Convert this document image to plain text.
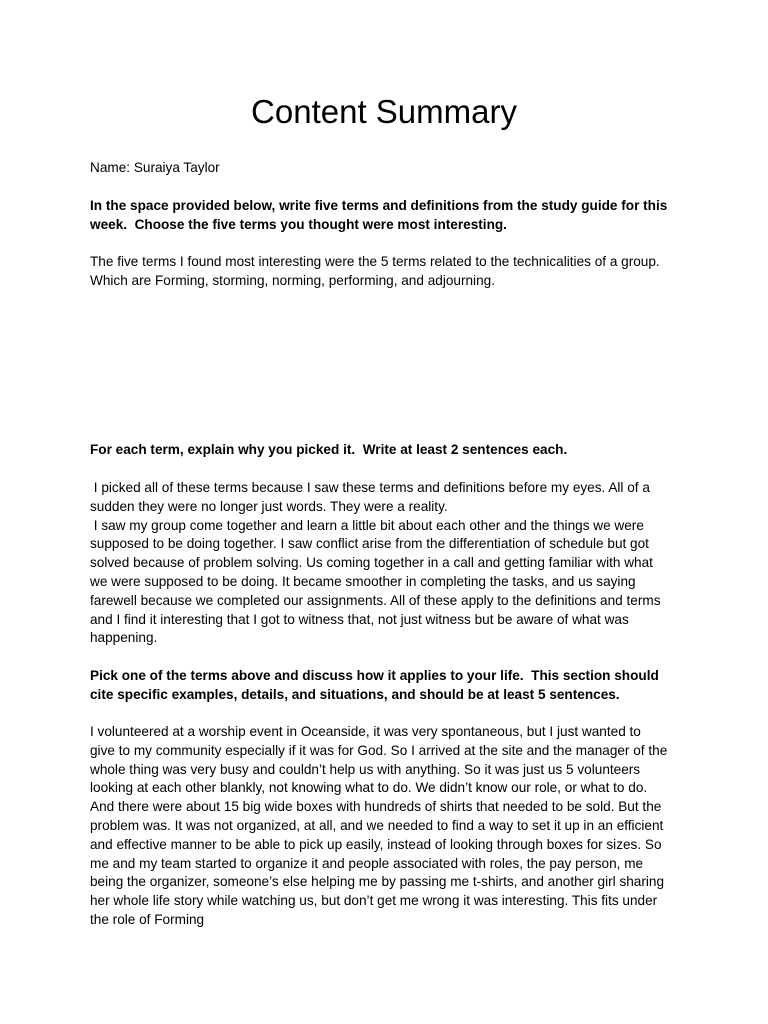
Content Summary
Name: Suraiya Taylor
In the space provided below, write five terms and definitions from the study guide for this
week.  Choose the five terms you thought were most interesting.
The five terms I found most interesting were the 5 terms related to the technicalities of a group.
Which are Forming, storming, norming, performing, and adjourning.
For each term, explain why you picked it.  Write at least 2 sentences each.
I picked all of these terms because I saw these terms and definitions before my eyes. All of a
sudden they were no longer just words. They were a reality.
I saw my group come together and learn a little bit about each other and the things we were
supposed to be doing together. I saw conflict arise from the differentiation of schedule but got
solved because of problem solving. Us coming together in a call and getting familiar with what
we were supposed to be doing. It became smoother in completing the tasks, and us saying
farewell because we completed our assignments. All of these apply to the definitions and terms
and I find it interesting that I got to witness that, not just witness but be aware of what was
happening.
Pick one of the terms above and discuss how it applies to your life.  This section should
cite specific examples, details, and situations, and should be at least 5 sentences.
I volunteered at a worship event in Oceanside, it was very spontaneous, but I just wanted to
give to my community especially if it was for God. So I arrived at the site and the manager of the
whole thing was very busy and couldn’t help us with anything. So it was just us 5 volunteers
looking at each other blankly, not knowing what to do. We didn’t know our role, or what to do.
And there were about 15 big wide boxes with hundreds of shirts that needed to be sold. But the
problem was. It was not organized, at all, and we needed to find a way to set it up in an efficient
and effective manner to be able to pick up easily, instead of looking through boxes for sizes. So
me and my team started to organize it and people associated with roles, the pay person, me
being the organizer, someone’s else helping me by passing me t-shirts, and another girl sharing
her whole life story while watching us, but don’t get me wrong it was interesting. This fits under
the role of Forming
